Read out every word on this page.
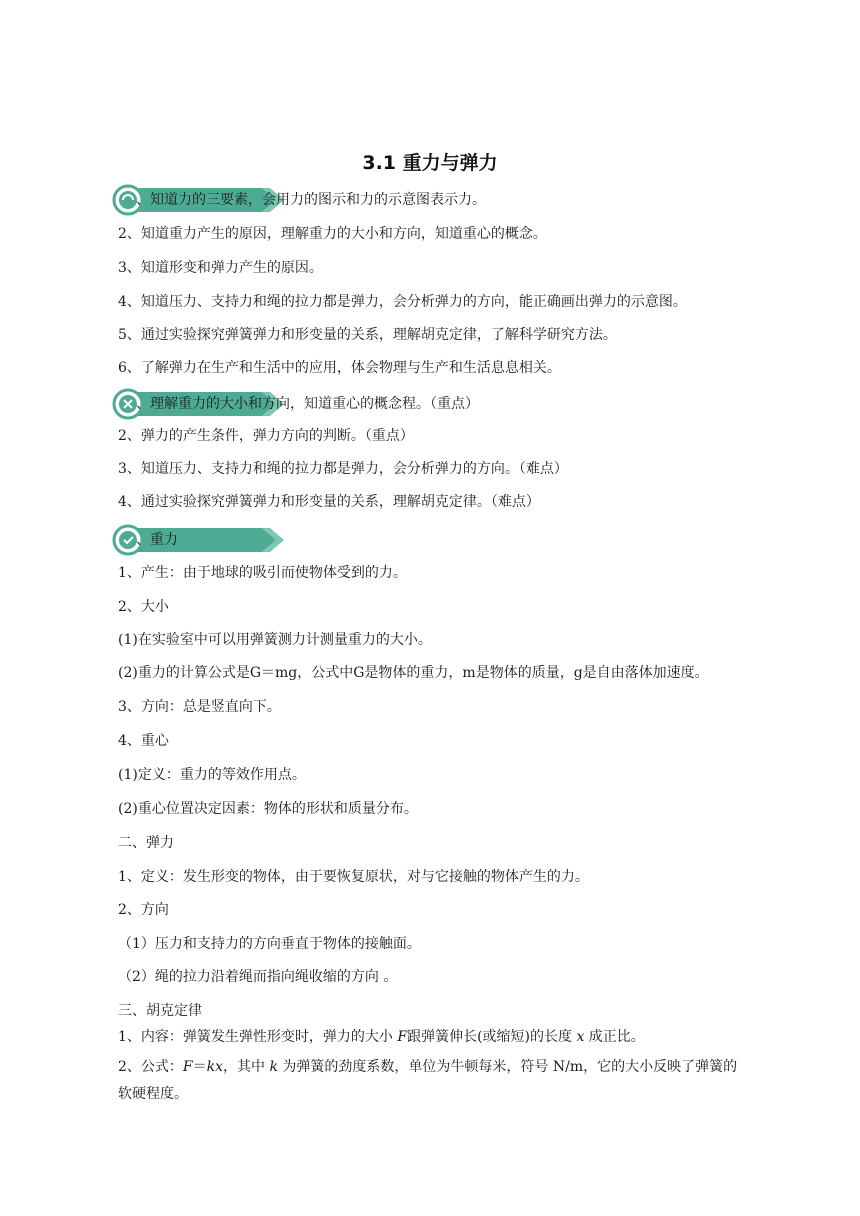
3.1 重力与弹力
、知道力的三要素，会用力的图示和力的示意图表示力。
2、知道重力产生的原因，理解重力的大小和方向，知道重心的概念。
3、知道形变和弹力产生的原因。
4、知道压力、支持力和绳的拉力都是弹力，会分析弹力的方向，能正确画出弹力的示意图。
5、通过实验探究弹簧弹力和形变量的关系，理解胡克定律，了解科学研究方法。
6、了解弹力在生产和生活中的应用，体会物理与生产和生活息息相关。
、理解重力的大小和方向，知道重心的概念程。（重点）
2、弹力的产生条件，弹力方向的判断。（重点）
3、知道压力、支持力和绳的拉力都是弹力，会分析弹力的方向。（难点）
4、通过实验探究弹簧弹力和形变量的关系，理解胡克定律。（难点）
、重力
1、产生：由于地球的吸引而使物体受到的力。
2、大小
(1)在实验室中可以用弹簧测力计测量重力的大小。
(2)重力的计算公式是G＝mg，公式中G是物体的重力，m是物体的质量，g是自由落体加速度。
3、方向：总是竖直向下。
4、重心
(1)定义：重力的等效作用点。
(2)重心位置决定因素：物体的形状和质量分布。
二、弹力
1、定义：发生形变的物体，由于要恢复原状，对与它接触的物体产生的力。
2、方向
（1）压力和支持力的方向垂直于物体的接触面。
（2）绳的拉力沿着绳而指向绳收缩的方向 。
三、胡克定律
1、内容：弹簧发生弹性形变时，弹力的大小 F跟弹簧伸长(或缩短)的长度 x 成正比。
2、公式：F＝kx，其中 k 为弹簧的劲度系数，单位为牛顿每米，符号 N/m，它的大小反映了弹簧的软硬程度。
